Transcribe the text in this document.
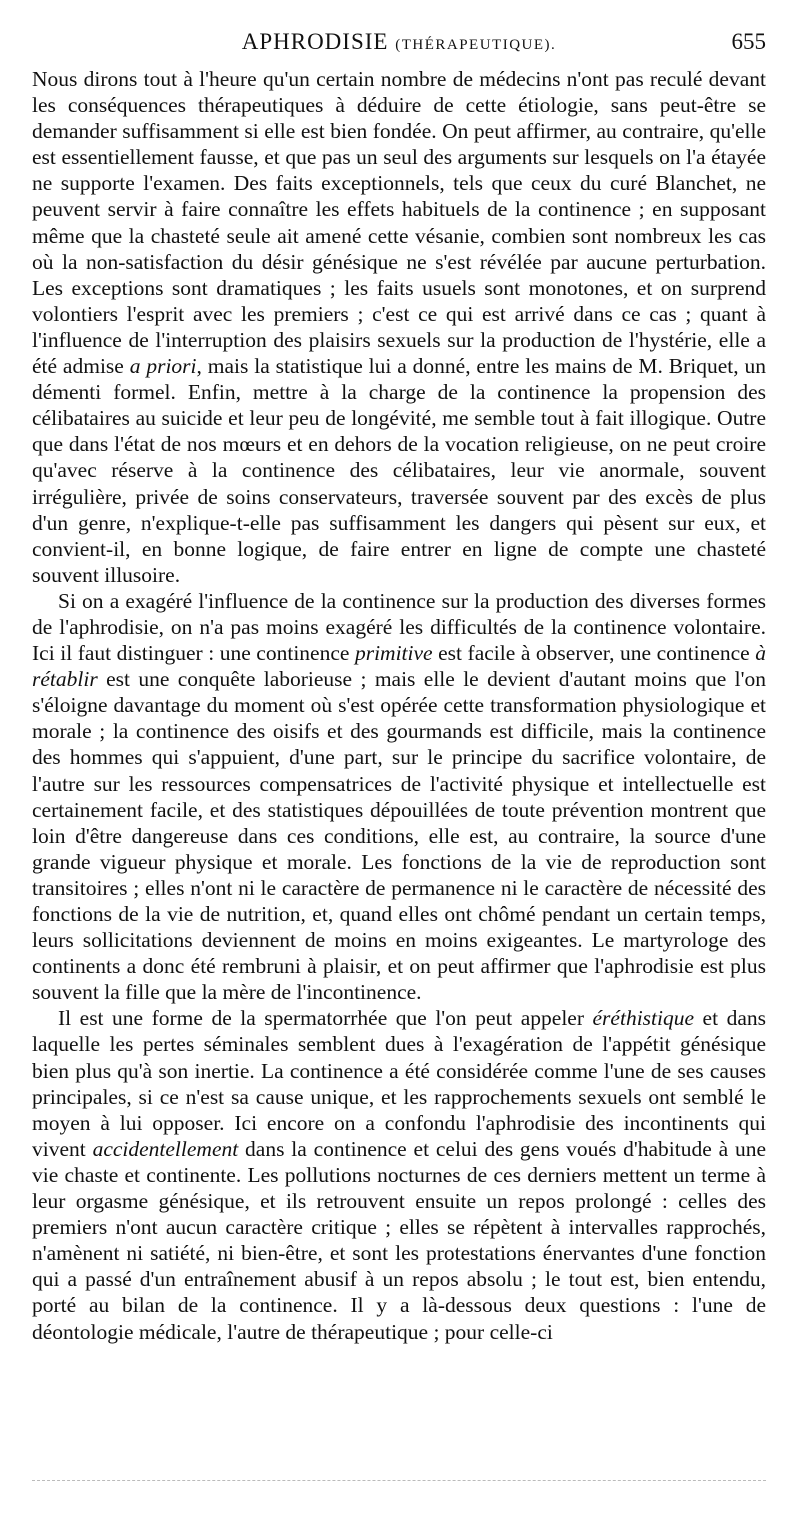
APHRODISIE (THÉRAPEUTIQUE).	655

Nous dirons tout à l'heure qu'un certain nombre de médecins n'ont pas reculé devant les conséquences thérapeutiques à déduire de cette étiologie, sans peut-être se demander suffisamment si elle est bien fondée. On peut affirmer, au contraire, qu'elle est essentiellement fausse, et que pas un seul des arguments sur lesquels on l'a étayée ne supporte l'examen. Des faits exceptionnels, tels que ceux du curé Blanchet, ne peuvent servir à faire connaître les effets habituels de la continence ; en supposant même que la chasteté seule ait amené cette vésanie, combien sont nombreux les cas où la non-satisfaction du désir génésique ne s'est révélée par aucune perturbation. Les exceptions sont dramatiques ; les faits usuels sont monotones, et on surprend volontiers l'esprit avec les premiers ; c'est ce qui est arrivé dans ce cas ; quant à l'influence de l'interruption des plaisirs sexuels sur la production de l'hystérie, elle a été admise a priori, mais la statistique lui a donné, entre les mains de M. Briquet, un démenti formel. Enfin, mettre à la charge de la continence la propension des célibataires au suicide et leur peu de longévité, me semble tout à fait illogique. Outre que dans l'état de nos mœurs et en dehors de la vocation religieuse, on ne peut croire qu'avec réserve à la continence des célibataires, leur vie anormale, souvent irrégulière, privée de soins conservateurs, traversée souvent par des excès de plus d'un genre, n'explique-t-elle pas suffisamment les dangers qui pèsent sur eux, et convient-il, en bonne logique, de faire entrer en ligne de compte une chasteté souvent illusoire.

Si on a exagéré l'influence de la continence sur la production des diverses formes de l'aphrodisie, on n'a pas moins exagéré les difficultés de la continence volontaire. Ici il faut distinguer : une continence primitive est facile à observer, une continence à rétablir est une conquête laborieuse ; mais elle le devient d'autant moins que l'on s'éloigne davantage du moment où s'est opérée cette transformation physiologique et morale ; la continence des oisifs et des gourmands est difficile, mais la continence des hommes qui s'appuient, d'une part, sur le principe du sacrifice volontaire, de l'autre sur les ressources compensatrices de l'activité physique et intellectuelle est certainement facile, et des statistiques dépouillées de toute prévention montrent que loin d'être dangereuse dans ces conditions, elle est, au contraire, la source d'une grande vigueur physique et morale. Les fonctions de la vie de reproduction sont transitoires ; elles n'ont ni le caractère de permanence ni le caractère de nécessité des fonctions de la vie de nutrition, et, quand elles ont chômé pendant un certain temps, leurs sollicitations deviennent de moins en moins exigeantes. Le martyrologe des continents a donc été rembruni à plaisir, et on peut affirmer que l'aphrodisie est plus souvent la fille que la mère de l'incontinence.

Il est une forme de la spermatorrhée que l'on peut appeler éréthistique et dans laquelle les pertes séminales semblent dues à l'exagération de l'appétit génésique bien plus qu'à son inertie. La continence a été considérée comme l'une de ses causes principales, si ce n'est sa cause unique, et les rapprochements sexuels ont semblé le moyen à lui opposer. Ici encore on a confondu l'aphrodisie des incontinents qui vivent accidentellement dans la continence et celui des gens voués d'habitude à une vie chaste et continente. Les pollutions nocturnes de ces derniers mettent un terme à leur orgasme génésique, et ils retrouvent ensuite un repos prolongé : celles des premiers n'ont aucun caractère critique ; elles se répètent à intervalles rapprochés, n'amènent ni satiété, ni bien-être, et sont les protestations énervantes d'une fonction qui a passé d'un entraînement abusif à un repos absolu ; le tout est, bien entendu, porté au bilan de la continence. Il y a là-dessous deux questions : l'une de déontologie médicale, l'autre de thérapeutique ; pour celle-ci
